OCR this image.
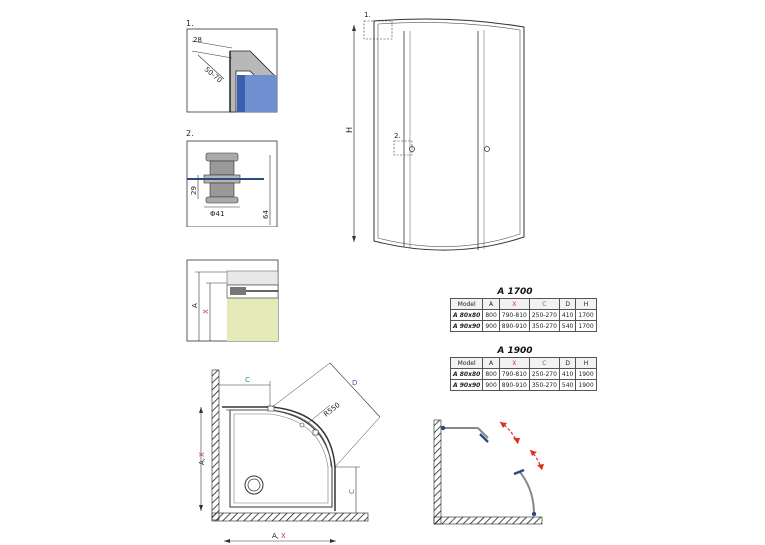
1.
28
50-70
2.
29
64
Φ41
A
X
H
1.
2.
A 1700
Model	A	X	C	D	H
A 80x80	800	790-810	250-270	410	1700
A 90x90	900	890-910	350-270	540	1700
A 1900
Model	A	X	C	D	H
A 80x80	800	790-810	250-270	410	1900
A 90x90	900	890-910	350-270	540	1900
C
C
D
R550
A,
X
A, X
